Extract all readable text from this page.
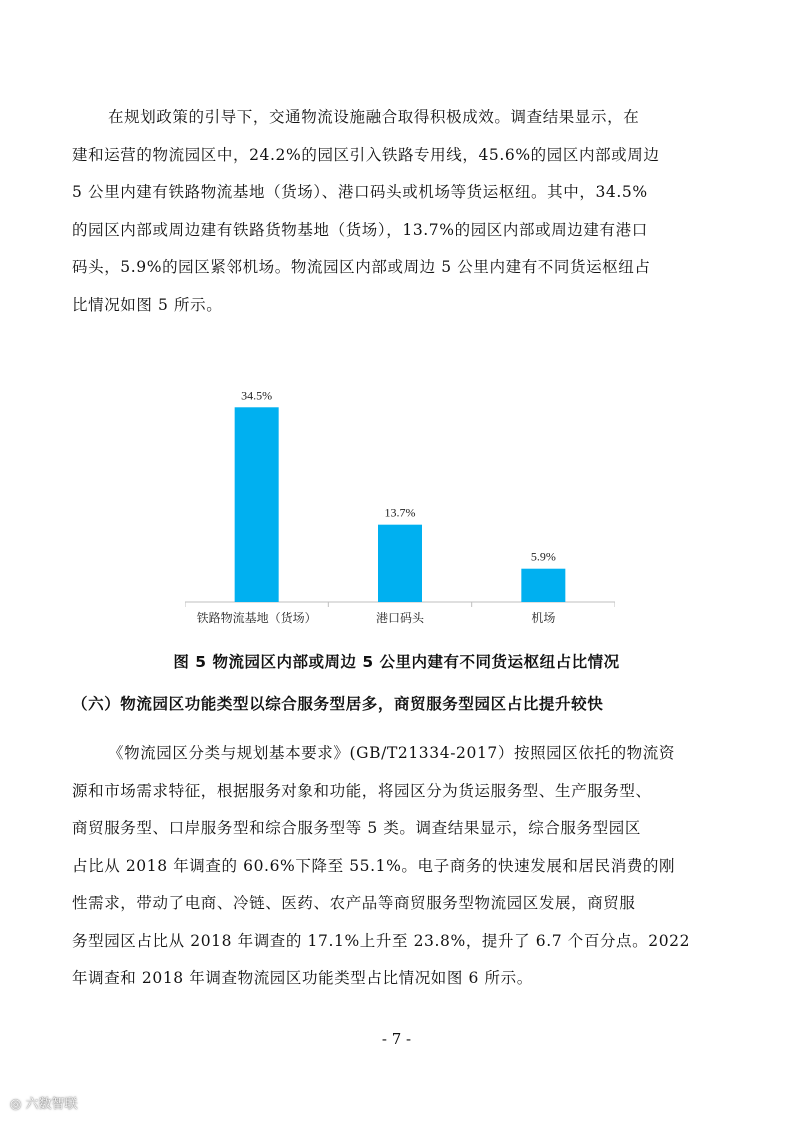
在规划政策的引导下，交通物流设施融合取得积极成效。调查结果显示，在
建和运营的物流园区中，24.2%的园区引入铁路专用线，45.6%的园区内部或周边
5 公里内建有铁路物流基地（货场）、港口码头或机场等货运枢纽。其中，34.5%
的园区内部或周边建有铁路货物基地（货场），13.7%的园区内部或周边建有港口
码头，5.9%的园区紧邻机场。物流园区内部或周边 5 公里内建有不同货运枢纽占
比情况如图 5 所示。
34.5%
铁路物流基地（货场）
13.7%
港口码头
5.9%
机场
图 5 物流园区内部或周边 5 公里内建有不同货运枢纽占比情况
（六）物流园区功能类型以综合服务型居多，商贸服务型园区占比提升较快
《物流园区分类与规划基本要求》(GB/T21334-2017）按照园区依托的物流资
源和市场需求特征，根据服务对象和功能，将园区分为货运服务型、生产服务型、
商贸服务型、口岸服务型和综合服务型等 5 类。调查结果显示，综合服务型园区
占比从 2018 年调查的 60.6%下降至 55.1%。电子商务的快速发展和居民消费的刚
性需求，带动了电商、冷链、医药、农产品等商贸服务型物流园区发展，商贸服
务型园区占比从 2018 年调查的 17.1%上升至 23.8%，提升了 6.7 个百分点。2022
年调查和 2018 年调查物流园区功能类型占比情况如图 6 所示。
- 7 -
◎ 六数智联
